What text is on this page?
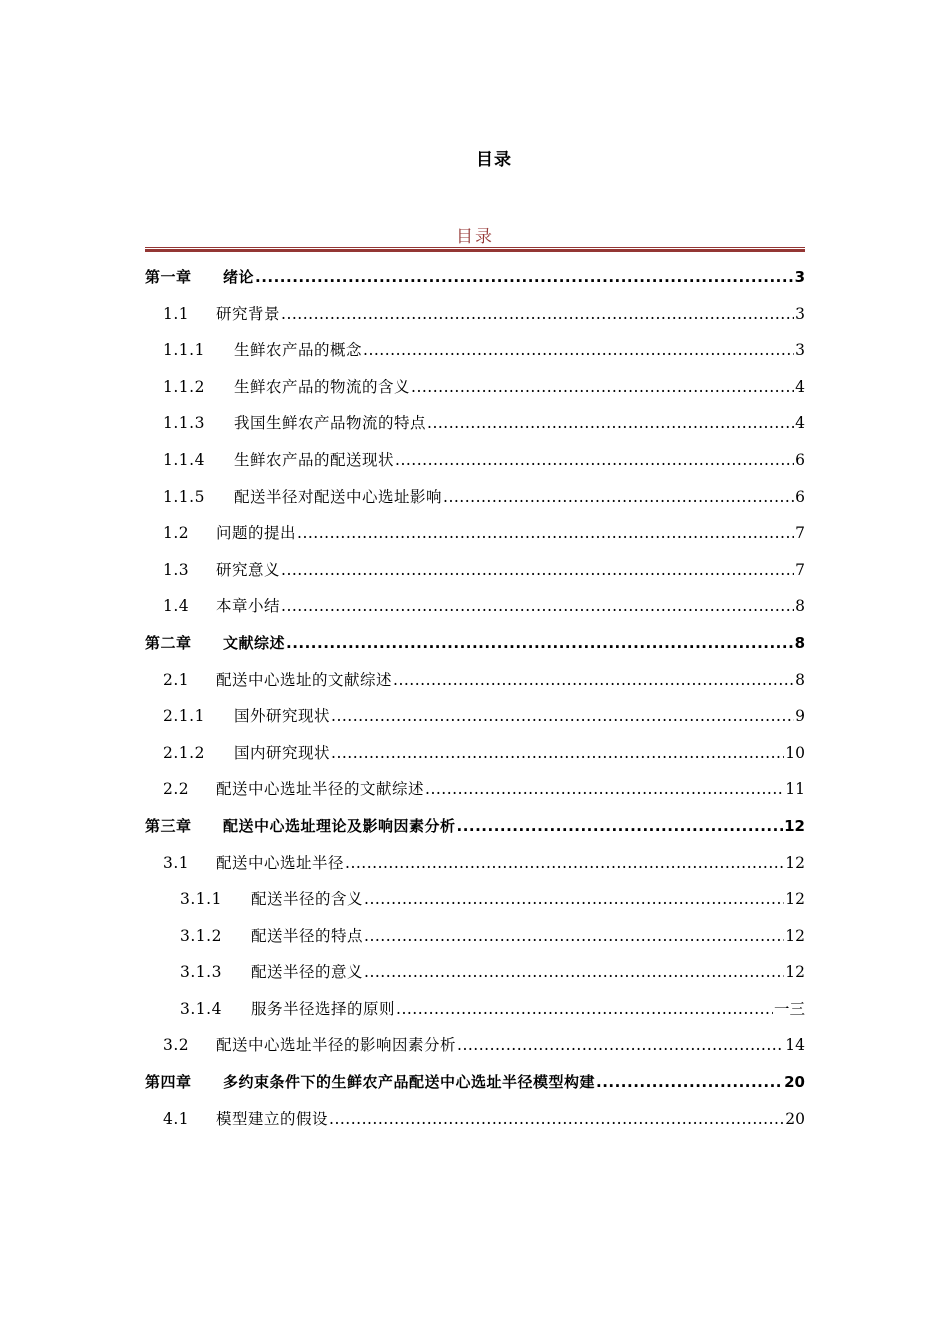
目录
目录
第一章	绪论 .....	3
1.1	研究背景 .....	3
1.1.1	生鲜农产品的概念 .....	3
1.1.2	生鲜农产品的物流的含义 .....	4
1.1.3	我国生鲜农产品物流的特点 .....	4
1.1.4	生鲜农产品的配送现状 .....	6
1.1.5	配送半径对配送中心选址影响 .....	6
1.2	问题的提出 .....	7
1.3	研究意义 .....	7
1.4	本章小结 .....	8
第二章	文献综述 .....	8
2.1	配送中心选址的文献综述 .....	8
2.1.1	国外研究现状 .....	9
2.1.2	国内研究现状 .....	10
2.2	配送中心选址半径的文献综述 .....	11
第三章	配送中心选址理论及影响因素分析 .....	12
3.1	配送中心选址半径 .....	12
3.1.1	配送半径的含义 .....	12
3.1.2	配送半径的特点 .....	12
3.1.3	配送半径的意义 .....	12
3.1.4	服务半径选择的原则 .....	一三
3.2	配送中心选址半径的影响因素分析 .....	14
第四章	多约束条件下的生鲜农产品配送中心选址半径模型构建 .....	20
4.1	模型建立的假设 .....	20
